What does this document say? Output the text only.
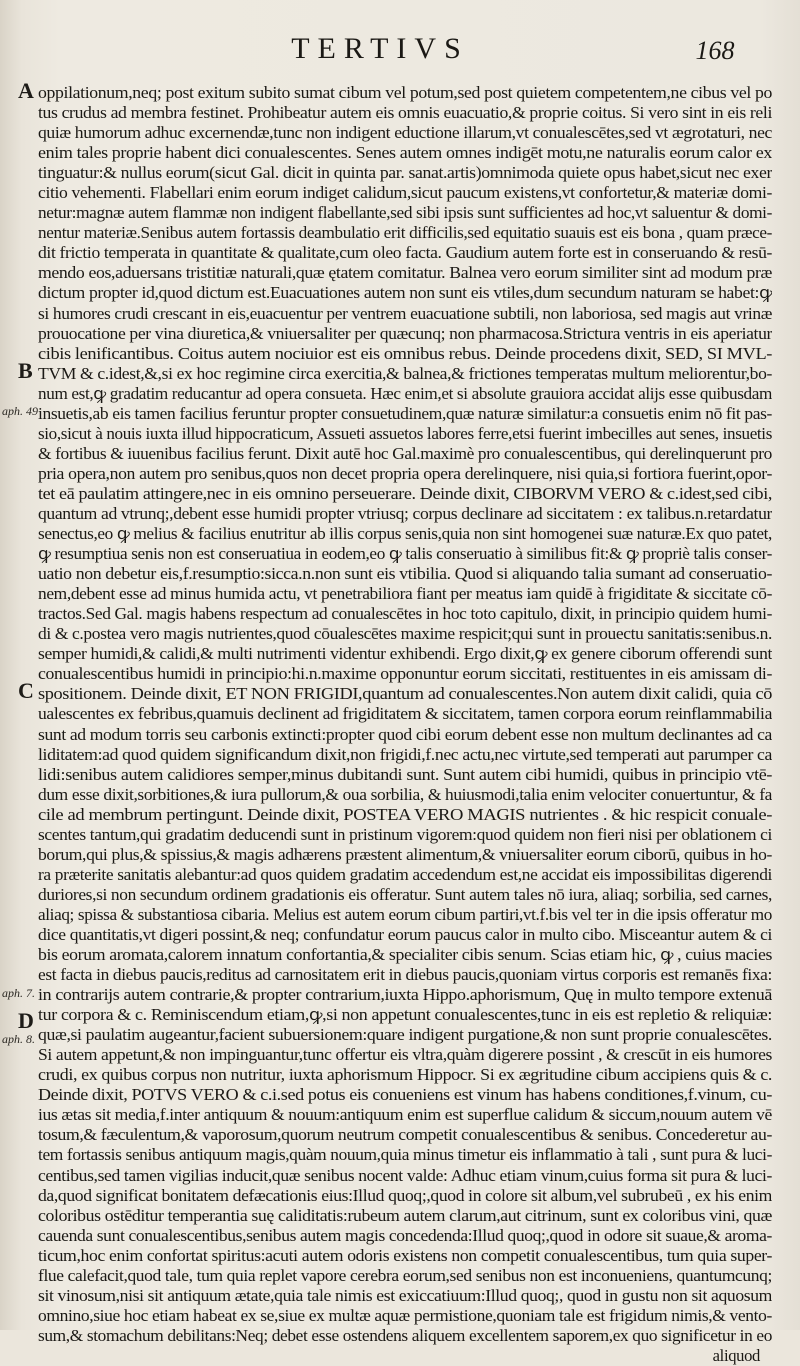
TERTIVS	168
A
B
C
D
aph. 49
aph. 7.
aph. 8.
oppilationum,neq; post exitum subito sumat cibum vel potum,sed post quietem competentem,ne cibus vel po
tus crudus ad membra festinet. Prohibeatur autem eis omnis euacuatio,& proprie coitus. Si vero sint in eis reli
quiæ humorum adhuc excernendæ,tunc non indigent eductione illarum,vt conualescētes,sed vt ægrotaturi, nec
enim tales proprie habent dici conualescentes. Senes autem omnes indigēt motu,ne naturalis eorum calor ex
tinguatur:& nullus eorum(sicut Gal. dicit in quinta par. sanat.artis)omnimoda quiete opus habet,sicut nec exer
citio vehementi. Flabellari enim eorum indiget calidum,sicut paucum existens,vt confortetur,& materiæ domi-
netur:magnæ autem flammæ non indigent flabellante,sed sibi ipsis sunt sufficientes ad hoc,vt saluentur & domi-
nentur materiæ.Senibus autem fortassis deambulatio erit difficilis,sed equitatio suauis est eis bona , quam præce-
dit frictio temperata in quantitate & qualitate,cum oleo facta. Gaudium autem forte est in conseruando & resū-
mendo eos,aduersans tristitiæ naturali,quæ ętatem comitatur. Balnea vero eorum similiter sint ad modum præ
dictum propter id,quod dictum est.Euacuationes autem non sunt eis vtiles,dum secundum naturam se habet:ꝙ
si humores crudi crescant in eis,euacuentur per ventrem euacuatione subtili, non laboriosa, sed magis aut vrinæ
prouocatione per vina diuretica,& vniuersaliter per quæcunq; non pharmacosa.Strictura ventris in eis aperiatur
cibis lenificantibus. Coitus autem nociuior est eis omnibus rebus. Deinde procedens dixit, SED, SI MVL-
TVM & c.idest,&,si ex hoc regimine circa exercitia,& balnea,& frictiones temperatas multum meliorentur,bo-
num est,ꝙ gradatim reducantur ad opera consueta. Hæc enim,et si absolute grauiora accidat alijs esse quibusdam
insuetis,ab eis tamen facilius feruntur propter consuetudinem,quæ naturæ similatur:a consuetis enim nō fit pas-
sio,sicut à nouis iuxta illud hippocraticum, Assueti assuetos labores ferre,etsi fuerint imbecilles aut senes, insuetis
& fortibus & iuuenibus facilius ferunt. Dixit autē hoc Gal.maximè pro conualescentibus, qui derelinquerunt pro
pria opera,non autem pro senibus,quos non decet propria opera derelinquere, nisi quia,si fortiora fuerint,opor-
tet eā paulatim attingere,nec in eis omnino perseuerare. Deinde dixit, CIBORVM VERO & c.idest,sed cibi,
quantum ad vtrunq;,debent esse humidi propter vtriusq; corpus declinare ad siccitatem : ex talibus.n.retardatur
senectus,eo ꝙ melius & facilius enutritur ab illis corpus senis,quia non sint homogenei suæ naturæ.Ex quo patet,
ꝙ resumptiua senis non est conseruatiua in eodem,eo ꝙ talis conseruatio à similibus fit:& ꝙ propriè talis conser-
uatio non debetur eis,f.resumptio:sicca.n.non sunt eis vtibilia. Quod si aliquando talia sumant ad conseruatio-
nem,debent esse ad minus humida actu, vt penetrabiliora fiant per meatus iam quidē à frigiditate & siccitate cō-
tractos.Sed Gal. magis habens respectum ad conualescētes in hoc toto capitulo, dixit, in principio quidem humi-
di & c.postea vero magis nutrientes,quod cōualescētes maxime respicit;qui sunt in prouectu sanitatis:senibus.n.
semper humidi,& calidi,& multi nutrimenti videntur exhibendi. Ergo dixit,ꝙ ex genere ciborum offerendi sunt
conualescentibus humidi in principio:hi.n.maxime opponuntur eorum siccitati, restituentes in eis amissam di-
spositionem. Deinde dixit, ET NON FRIGIDI,quantum ad conualescentes.Non autem dixit calidi, quia cō
ualescentes ex febribus,quamuis declinent ad frigiditatem & siccitatem, tamen corpora eorum reinflammabilia
sunt ad modum torris seu carbonis extincti:propter quod cibi eorum debent esse non multum declinantes ad ca
liditatem:ad quod quidem significandum dixit,non frigidi,f.nec actu,nec virtute,sed temperati aut parumper ca
lidi:senibus autem calidiores semper,minus dubitandi sunt. Sunt autem cibi humidi, quibus in principio vtē-
dum esse dixit,sorbitiones,& iura pullorum,& oua sorbilia, & huiusmodi,talia enim velociter conuertuntur, & fa
cile ad membrum pertingunt. Deinde dixit, POSTEA VERO MAGIS nutrientes . & hic respicit conuale-
scentes tantum,qui gradatim deducendi sunt in pristinum vigorem:quod quidem non fieri nisi per oblationem ci
borum,qui plus,& spissius,& magis adhærens præstent alimentum,& vniuersaliter eorum ciborū, quibus in ho-
ra præterite sanitatis alebantur:ad quos quidem gradatim accedendum est,ne accidat eis impossibilitas digerendi
duriores,si non secundum ordinem gradationis eis offeratur. Sunt autem tales nō iura, aliaq; sorbilia, sed carnes,
aliaq; spissa & substantiosa cibaria. Melius est autem eorum cibum partiri,vt.f.bis vel ter in die ipsis offeratur mo
dice quantitatis,vt digeri possint,& neq; confundatur eorum paucus calor in multo cibo. Misceantur autem & ci
bis eorum aromata,calorem innatum confortantia,& specialiter cibis senum. Scias etiam hic, ꝙ , cuius macies
est facta in diebus paucis,reditus ad carnositatem erit in diebus paucis,quoniam virtus corporis est remanēs fixa:
in contrarijs autem contrarie,& propter contrarium,iuxta Hippo.aphorismum, Quę in multo tempore extenuā
tur corpora & c. Reminiscendum etiam,ꝙ,si non appetunt conualescentes,tunc in eis est repletio & reliquiæ:
quæ,si paulatim augeantur,facient subuersionem:quare indigent purgatione,& non sunt proprie conualescētes.
Si autem appetunt,& non impinguantur,tunc offertur eis vltra,quàm digerere possint , & crescūt in eis humores
crudi, ex quibus corpus non nutritur, iuxta aphorismum Hippocr. Si ex ægritudine cibum accipiens quis & c.
Deinde dixit, POTVS VERO & c.i.sed potus eis conueniens est vinum has habens conditiones,f.vinum, cu-
ius ætas sit media,f.inter antiquum & nouum:antiquum enim est superflue calidum & siccum,nouum autem vē
tosum,& fæculentum,& vaporosum,quorum neutrum competit conualescentibus & senibus. Concederetur au-
tem fortassis senibus antiquum magis,quàm nouum,quia minus timetur eis inflammatio à tali , sunt pura & luci-
centibus,sed tamen vigilias inducit,quæ senibus nocent valde: Adhuc etiam vinum,cuius forma sit pura & luci-
da,quod significat bonitatem defæcationis eius:Illud quoq;,quod in colore sit album,vel subrubeū , ex his enim
coloribus ostēditur temperantia suę caliditatis:rubeum autem clarum,aut citrinum, sunt ex coloribus vini, quæ
cauenda sunt conualescentibus,senibus autem magis concedenda:Illud quoq;,quod in odore sit suaue,& aroma-
ticum,hoc enim confortat spiritus:acuti autem odoris existens non competit conualescentibus, tum quia super-
flue calefacit,quod tale, tum quia replet vapore cerebra eorum,sed senibus non est inconueniens, quantumcunq;
sit vinosum,nisi sit antiquum ætate,quia tale nimis est exiccatiuum:Illud quoq;, quod in gustu non sit aquosum
omnino,siue hoc etiam habeat ex se,siue ex multæ aquæ permistione,quoniam tale est frigidum nimis,& vento-
sum,& stomachum debilitans:Neq; debet esse ostendens aliquem excellentem saporem,ex quo significetur in eo
aliquod
